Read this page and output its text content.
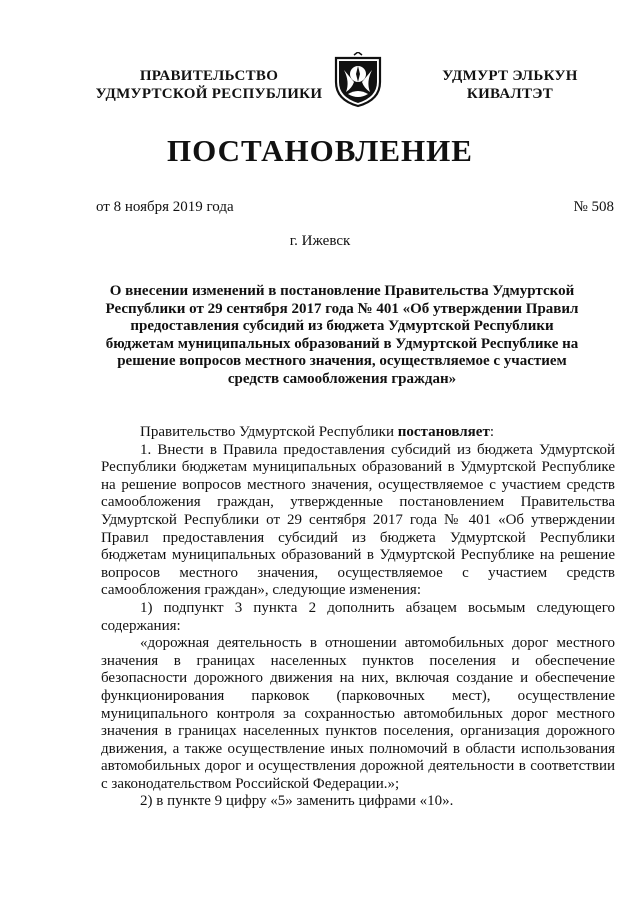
ПРАВИТЕЛЬСТВО
УДМУРТСКОЙ РЕСПУБЛИКИ
УДМУРТ ЭЛЬКУН
КИВАЛТЭТ
ПОСТАНОВЛЕНИЕ
от 8 ноября 2019 года	№ 508
г. Ижевск
О внесении изменений в постановление Правительства Удмуртской Республики от 29 сентября 2017 года № 401 «Об утверждении Правил предоставления субсидий из бюджета Удмуртской Республики бюджетам муниципальных образований в Удмуртской Республике на решение вопросов местного значения, осуществляемое с участием средств самообложения граждан»

Правительство Удмуртской Республики постановляет:

1. Внести в Правила предоставления субсидий из бюджета Удмуртской Республики бюджетам муниципальных образований в Удмуртской Республике на решение вопросов местного значения, осуществляемое с участием средств самообложения граждан, утвержденные постановлением Правительства Удмуртской Республики от 29 сентября 2017 года № 401 «Об утверждении Правил предоставления субсидий из бюджета Удмуртской Республики бюджетам муниципальных образований в Удмуртской Республике на решение вопросов местного значения, осуществляемое с участием средств самообложения граждан», следующие изменения:

1) подпункт 3 пункта 2 дополнить абзацем восьмым следующего содержания:

«дорожная деятельность в отношении автомобильных дорог местного значения в границах населенных пунктов поселения и обеспечение безопасности дорожного движения на них, включая создание и обеспечение функционирования парковок (парковочных мест), осуществление муниципального контроля за сохранностью автомобильных дорог местного значения в границах населенных пунктов поселения, организация дорожного движения, а также осуществление иных полномочий в области использования автомобильных дорог и осуществления дорожной деятельности в соответствии с законодательством Российской Федерации.»;

2) в пункте 9 цифру «5» заменить цифрами «10».
